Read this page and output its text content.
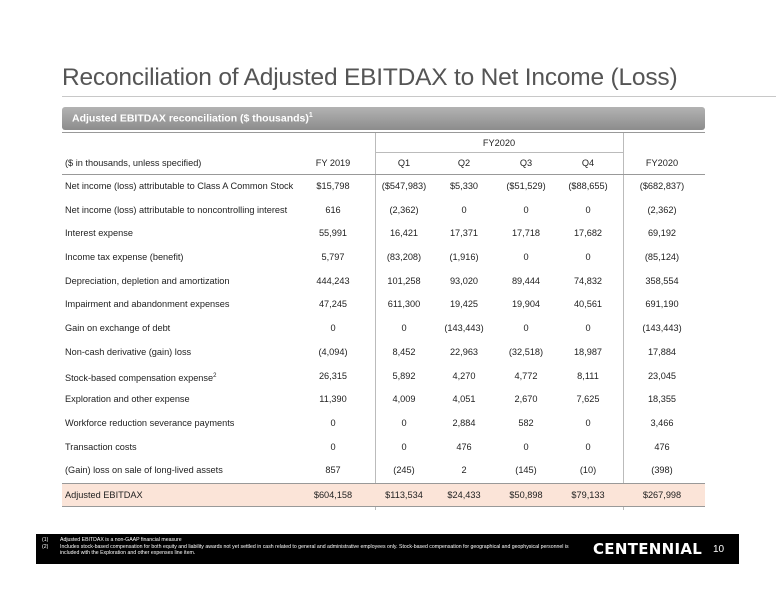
Reconciliation of Adjusted EBITDAX to Net Income (Loss)
Adjusted EBITDAX reconciliation ($ thousands)$^1$
FY2020
($ in thousands, unless specified)	FY 2019	Q1	Q2	Q3	Q4	FY2020
Net income (loss) attributable to Class A Common Stock	$15,798	($547,983)	$5,330	($51,529)	($88,655)	($682,837)
Net income (loss) attributable to noncontrolling interest	616	(2,362)	0	0	0	(2,362)
Interest expense	55,991	16,421	17,371	17,718	17,682	69,192
Income tax expense (benefit)	5,797	(83,208)	(1,916)	0	0	(85,124)
Depreciation, depletion and amortization	444,243	101,258	93,020	89,444	74,832	358,554
Impairment and abandonment expenses	47,245	611,300	19,425	19,904	40,561	691,190
Gain on exchange of debt	0	0	(143,443)	0	0	(143,443)
Non-cash derivative (gain) loss	(4,094)	8,452	22,963	(32,518)	18,987	17,884
Stock-based compensation expense$^2$	26,315	5,892	4,270	4,772	8,111	23,045
Exploration and other expense	11,390	4,009	4,051	2,670	7,625	18,355
Workforce reduction severance payments	0	0	2,884	582	0	3,466
Transaction costs	0	0	476	0	0	476
(Gain) loss on sale of long-lived assets	857	(245)	2	(145)	(10)	(398)
Adjusted EBITDAX	$604,158	$113,534	$24,433	$50,898	$79,133	$267,998
(1) Adjusted EBITDAX is a non-GAAP financial measure
(2) Includes stock-based compensation for both equity and liability awards not yet settled in cash related to general and administrative employees only. Stock-based compensation for geographical and geophysical personnel is included with the Exploration and other expenses line item.	CENTENNIAL 10
